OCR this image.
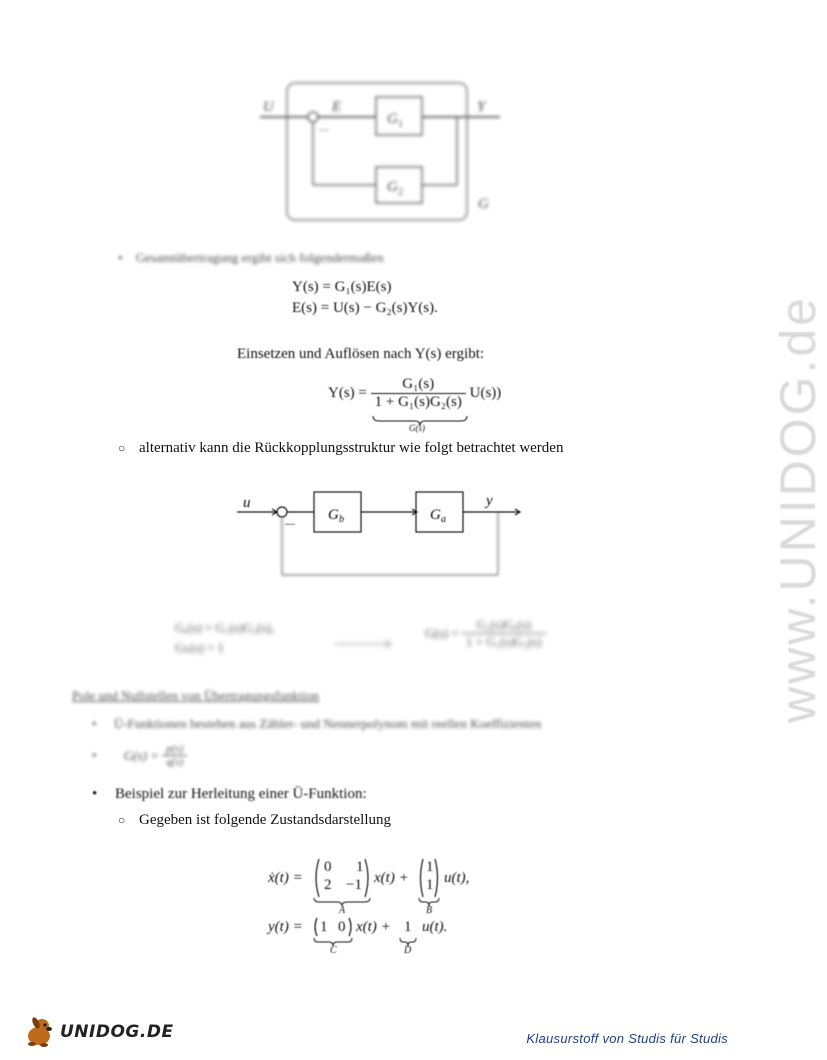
U	E
G 1
G 2
Y
G
—
• Gesamtübertragung ergibt sich folgendermaßen
Y(s) = G₁(s)E(s)
E(s) = U(s) − G₂(s)Y(s).
Einsetzen und Auflösen nach Y(s) ergibt:
$Y(s) = \frac{\text{G₁(s)}}{\text{1 + G₁(s)G₂(s)}} U(s)$)
G(s)
○ alternativ kann die Rückkopplungsstruktur wie folgt betrachtet werden
u
G b	G a
y
—
Gₐ(s) = G₁(s)G₂(s),
Gₕ(s) = 1
$G(s) = \frac{\text{G₁(s)Gₐ(s)}}{\text{1 + G₁(s)G₂(s)}}$
Pole und Nullstellen von Übertragungsfunktion
• Ü-Funktionen bestehen aus Zähler- und Nennerpolynom mit reellen Koeffizienten
• $G(s) = \frac{p(s)}{q(s)}$
• Beispiel zur Herleitung einer Ü-Funktion:
○ Gegeben ist folgende Zustandsdarstellung
ẋ(t) =
0 1
2 −1 x(t) +
1
1 u(t),
A	B
y(t) = 1 0 x(t) + 1 u(t).
C	D
www.UNIDOG.de
UNIDOG.DE	Klausurstoff von Studis für Studis
